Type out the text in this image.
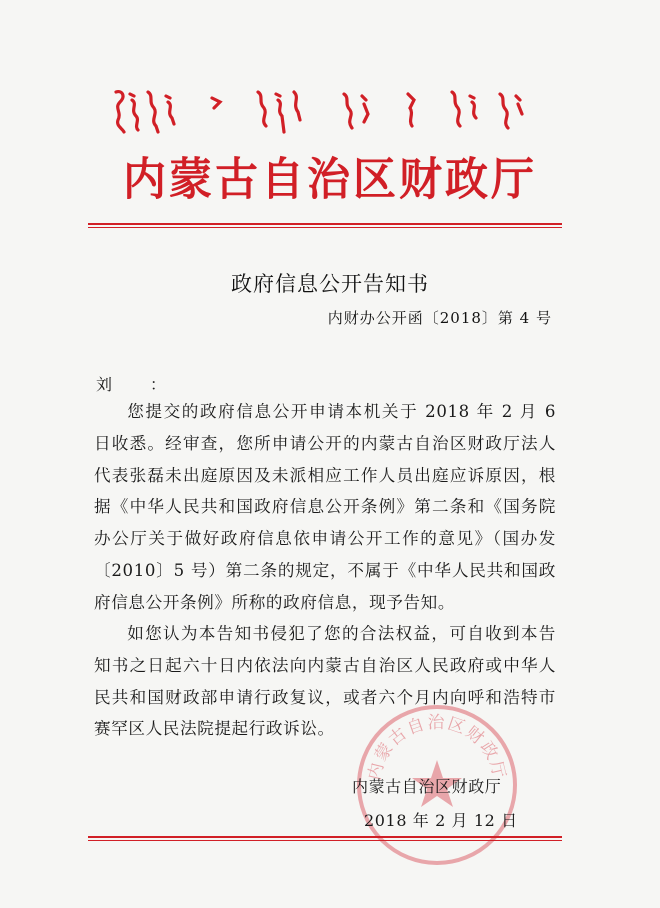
ᠥᠪᠥᠷ ᠮᠣᠩᠭᠣᠯ ᠤᠨ ᠥᠪᠡᠷᠲᠡᠭᠡᠨ ᠵᠠᠰᠠᠬᠤ ᠣᠷᠣᠨ ᠤ ᠰᠠᠩᠬᠦᠦ ᠶᠢᠨ ᠲᠢᠩᠬᠢᠮ
内蒙古自治区财政厅
政府信息公开告知书
内财办公开函〔2018〕第 4 号
刘 ：

您提交的政府信息公开申请本机关于 2018 年 2 月 6 日收悉。经审查，您所申请公开的内蒙古自治区财政厅法人代表张磊未出庭原因及未派相应工作人员出庭应诉原因，根据《中华人民共和国政府信息公开条例》第二条和《国务院办公厅关于做好政府信息依申请公开工作的意见》（国办发〔2010〕5 号）第二条的规定，不属于《中华人民共和国政府信息公开条例》所称的政府信息，现予告知。

如您认为本告知书侵犯了您的合法权益，可自收到本告知书之日起六十日内依法向内蒙古自治区人民政府或中华人民共和国财政部申请行政复议，或者六个月内向呼和浩特市赛罕区人民法院提起行政诉讼。

内蒙古自治区财政厅
内蒙古自治区财政厅
2018 年 2 月 12 日
